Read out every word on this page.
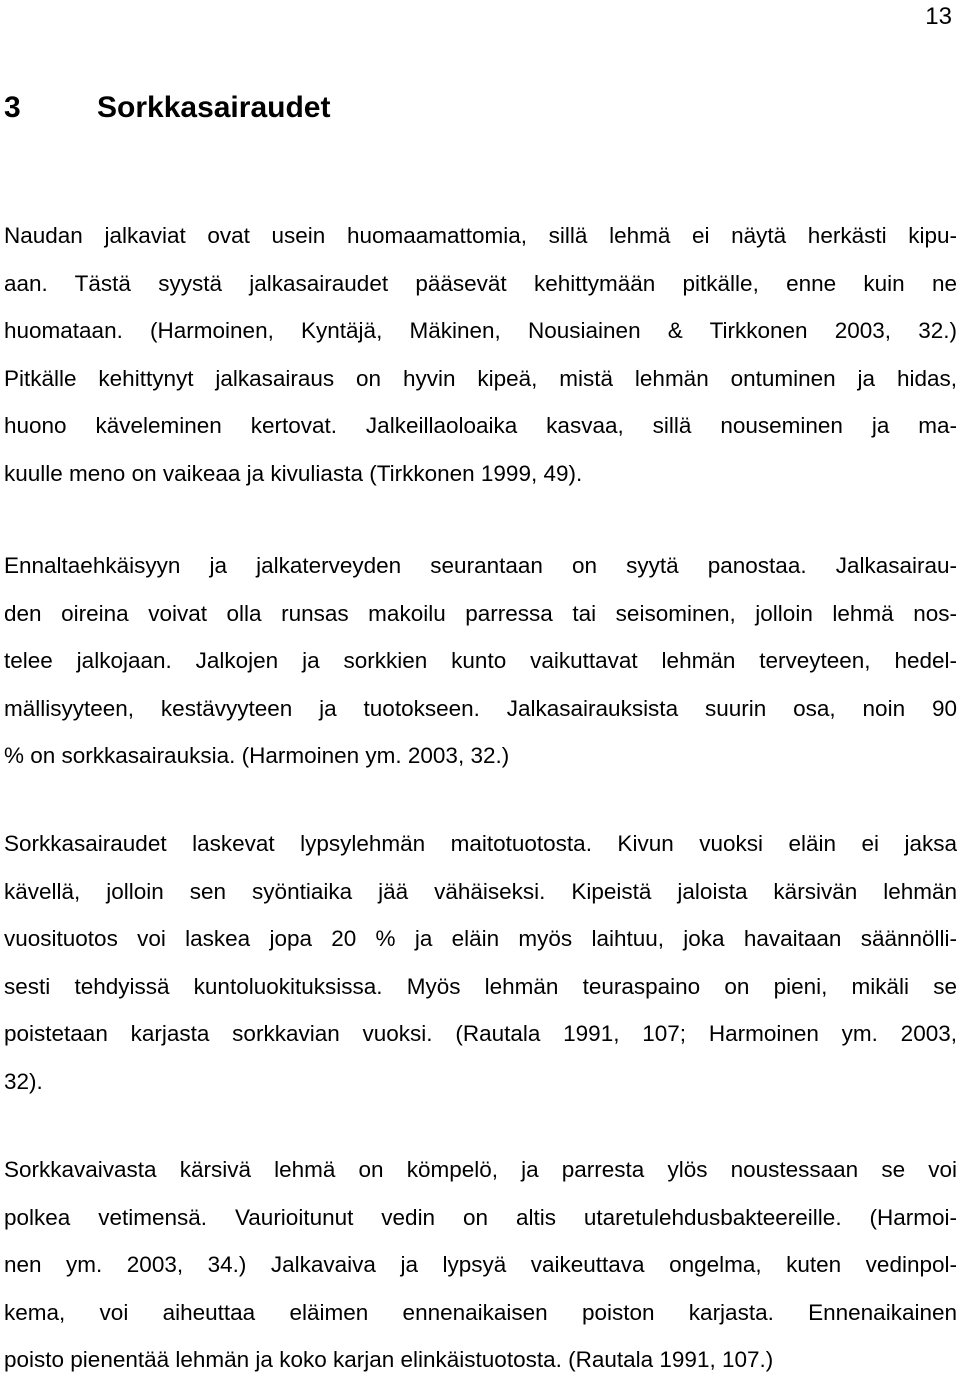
13
3	Sorkkasairaudet
Naudan jalkaviat ovat usein huomaamattomia, sillä lehmä ei näytä herkästi kipu-
aan. Tästä syystä jalkasairaudet pääsevät kehittymään pitkälle, enne kuin ne
huomataan. (Harmoinen, Kyntäjä, Mäkinen, Nousiainen & Tirkkonen 2003, 32.)
Pitkälle kehittynyt jalkasairaus on hyvin kipeä, mistä lehmän ontuminen ja hidas,
huono käveleminen kertovat. Jalkeillaoloaika kasvaa, sillä nouseminen ja ma-
kuulle meno on vaikeaa ja kivuliasta (Tirkkonen 1999, 49).
Ennaltaehkäisyyn ja jalkaterveyden seurantaan on syytä panostaa. Jalkasairau-
den oireina voivat olla runsas makoilu parressa tai seisominen, jolloin lehmä nos-
telee jalkojaan. Jalkojen ja sorkkien kunto vaikuttavat lehmän terveyteen, hedel-
mällisyyteen, kestävyyteen ja tuotokseen. Jalkasairauksista suurin osa, noin 90
% on sorkkasairauksia. (Harmoinen ym. 2003, 32.)
Sorkkasairaudet laskevat lypsylehmän maitotuotosta. Kivun vuoksi eläin ei jaksa
kävellä, jolloin sen syöntiaika jää vähäiseksi. Kipeistä jaloista kärsivän lehmän
vuosituotos voi laskea jopa 20 % ja eläin myös laihtuu, joka havaitaan säännölli-
sesti tehdyissä kuntoluokituksissa. Myös lehmän teuraspaino on pieni, mikäli se
poistetaan karjasta sorkkavian vuoksi. (Rautala 1991, 107; Harmoinen ym. 2003,
32).
Sorkkavaivasta kärsivä lehmä on kömpelö, ja parresta ylös noustessaan se voi
polkea vetimensä. Vaurioitunut vedin on altis utaretulehdusbakteereille. (Harmoi-
nen ym. 2003, 34.) Jalkavaiva ja lypsyä vaikeuttava ongelma, kuten vedinpol-
kema, voi aiheuttaa eläimen ennenaikaisen poiston karjasta. Ennenaikainen
poisto pienentää lehmän ja koko karjan elinkäistuotosta. (Rautala 1991, 107.)
